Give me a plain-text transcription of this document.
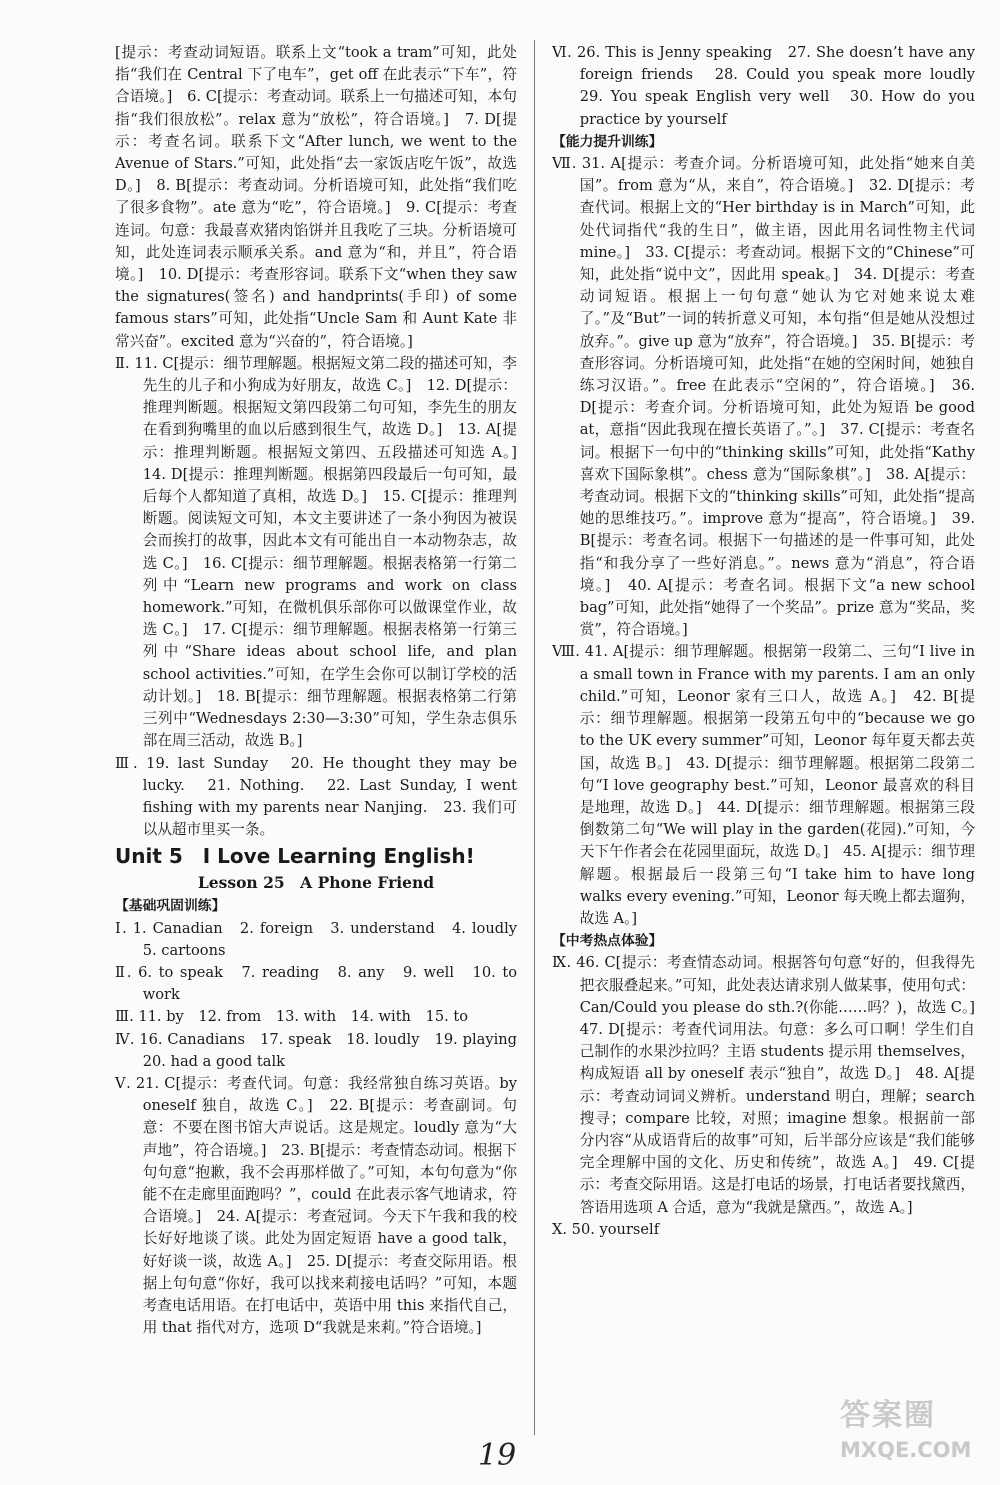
[提示：考查动词短语。联系上文“took a tram”可知，此处指“我们在 Central 下了电车”，get off 在此表示“下车”，符合语境。]　6. C[提示：考查动词。联系上一句描述可知，本句指“我们很放松”。relax 意为“放松”，符合语境。]　7. D[提示：考查名词。联系下文“After lunch, we went to the Avenue of Stars.”可知，此处指“去一家饭店吃午饭”，故选 D。]　8. B[提示：考查动词。分析语境可知，此处指“我们吃了很多食物”。ate 意为“吃”，符合语境。]　9. C[提示：考查连词。句意：我最喜欢猪肉馅饼并且我吃了三块。分析语境可知，此处连词表示顺承关系。and 意为“和，并且”，符合语境。]　10. D[提示：考查形容词。联系下文“when they saw the signatures(签名) and handprints(手印) of some famous stars”可知，此处指“Uncle Sam 和 Aunt Kate 非常兴奋”。excited 意为“兴奋的”，符合语境。]

Ⅱ. 11. C[提示：细节理解题。根据短文第二段的描述可知，李先生的儿子和小狗成为好朋友，故选 C。]　12. D[提示：推理判断题。根据短文第四段第二句可知，李先生的朋友在看到狗嘴里的血以后感到很生气，故选 D。]　13. A[提示：推理判断题。根据短文第四、五段描述可知选 A。]　14. D[提示：推理判断题。根据第四段最后一句可知，最后每个人都知道了真相，故选 D。]　15. C[提示：推理判断题。阅读短文可知，本文主要讲述了一条小狗因为被误会而挨打的故事，因此本文有可能出自一本动物杂志，故选 C。]　16. C[提示：细节理解题。根据表格第一行第二列中“Learn new programs and work on class homework.”可知，在微机俱乐部你可以做课堂作业，故选 C。]　17. C[提示：细节理解题。根据表格第一行第三列中“Share ideas about school life, and plan school activities.”可知，在学生会你可以制订学校的活动计划。]　18. B[提示：细节理解题。根据表格第二行第三列中“Wednesdays 2:30—3:30”可知，学生杂志俱乐部在周三活动，故选 B。]

Ⅲ. 19. last Sunday　20. He thought they may be lucky.　21. Nothing.　22. Last Sunday, I went fishing with my parents near Nanjing.　23. 我们可以从超市里买一条。

Unit 5　I Love Learning English!

Lesson 25　A Phone Friend

【基础巩固训练】

Ⅰ. 1. Canadian　2. foreign　3. understand　4. loudly　5. cartoons

Ⅱ. 6. to speak　7. reading　8. any　9. well　10. to work

Ⅲ. 11. by　12. from　13. with　14. with　15. to

Ⅳ. 16. Canadians　17. speak　18. loudly　19. playing　20. had a good talk

Ⅴ. 21. C[提示：考查代词。句意：我经常独自练习英语。by oneself 独自，故选 C。]　22. B[提示：考查副词。句意：不要在图书馆大声说话。这是规定。loudly 意为“大声地”，符合语境。]　23. B[提示：考查情态动词。根据下句句意“抱歉，我不会再那样做了。”可知，本句句意为“你能不在走廊里面跑吗？”，could 在此表示客气地请求，符合语境。]　24. A[提示：考查冠词。今天下午我和我的校长好好地谈了谈。此处为固定短语 have a good talk，好好谈一谈，故选 A。]　25. D[提示：考查交际用语。根据上句句意“你好，我可以找来莉接电话吗？”可知，本题考查电话用语。在打电话中，英语中用 this 来指代自己，用 that 指代对方，选项 D“我就是来莉。”符合语境。]

Ⅵ. 26. This is Jenny speaking　27. She doesn’t have any foreign friends　28. Could you speak more loudly　29. You speak English very well　30. How do you practice by yourself

【能力提升训练】

Ⅶ. 31. A[提示：考查介词。分析语境可知，此处指“她来自美国”。from 意为“从，来自”，符合语境。]　32. D[提示：考查代词。根据上文的“Her birthday is in March”可知，此处代词指代“我的生日”，做主语，因此用名词性物主代词 mine。]　33. C[提示：考查动词。根据下文的“Chinese”可知，此处指“说中文”，因此用 speak。]　34. D[提示：考查动词短语。根据上一句句意“她认为它对她来说太难了。”及“But”一词的转折意义可知，本句指“但是她从没想过放弃。”。give up 意为“放弃”，符合语境。]　35. B[提示：考查形容词。分析语境可知，此处指“在她的空闲时间，她独自练习汉语。”。free 在此表示“空闲的”，符合语境。]　36. D[提示：考查介词。分析语境可知，此处为短语 be good at，意指“因此我现在擅长英语了。”。]　37. C[提示：考查名词。根据下一句中的“thinking skills”可知，此处指“Kathy 喜欢下国际象棋”。chess 意为“国际象棋”。]　38. A[提示：考查动词。根据下文的“thinking skills”可知，此处指“提高她的思维技巧。”。improve 意为“提高”，符合语境。]　39. B[提示：考查名词。根据下一句描述的是一件事可知，此处指“和我分享了一些好消息。”。news 意为“消息”，符合语境。]　40. A[提示：考查名词。根据下文“a new school bag”可知，此处指“她得了一个奖品”。prize 意为“奖品，奖赏”，符合语境。]

Ⅷ. 41. A[提示：细节理解题。根据第一段第二、三句“I live in a small town in France with my parents. I am an only child.”可知，Leonor 家有三口人，故选 A。]　42. B[提示：细节理解题。根据第一段第五句中的“because we go to the UK every summer”可知，Leonor 每年夏天都去英国，故选 B。]　43. D[提示：细节理解题。根据第二段第二句“I love geography best.”可知，Leonor 最喜欢的科目是地理，故选 D。]　44. D[提示：细节理解题。根据第三段倒数第二句“We will play in the garden(花园).”可知，今天下午作者会在花园里面玩，故选 D。]　45. A[提示：细节理解题。根据最后一段第三句“I take him to have long walks every evening.”可知，Leonor 每天晚上都去遛狗，故选 A。]

【中考热点体验】

Ⅸ. 46. C[提示：考查情态动词。根据答句句意“好的，但我得先把衣服叠起来。”可知，此处表达请求别人做某事，使用句式：Can/Could you please do sth.?(你能……吗？)，故选 C。]　47. D[提示：考查代词用法。句意：多么可口啊！学生们自己制作的水果沙拉吗？主语 students 提示用 themselves，构成短语 all by oneself 表示“独自”，故选 D。]　48. A[提示：考查动词词义辨析。understand 明白，理解；search 搜寻；compare 比较，对照；imagine 想象。根据前一部分内容“从成语背后的故事”可知，后半部分应该是“我们能够完全理解中国的文化、历史和传统”，故选 A。]　49. C[提示：考查交际用语。这是打电话的场景，打电话者要找黛西，答语用选项 A 合适，意为“我就是黛西。”，故选 A。]

Ⅹ. 50. yourself

19
答案圈
MXQE.COM
